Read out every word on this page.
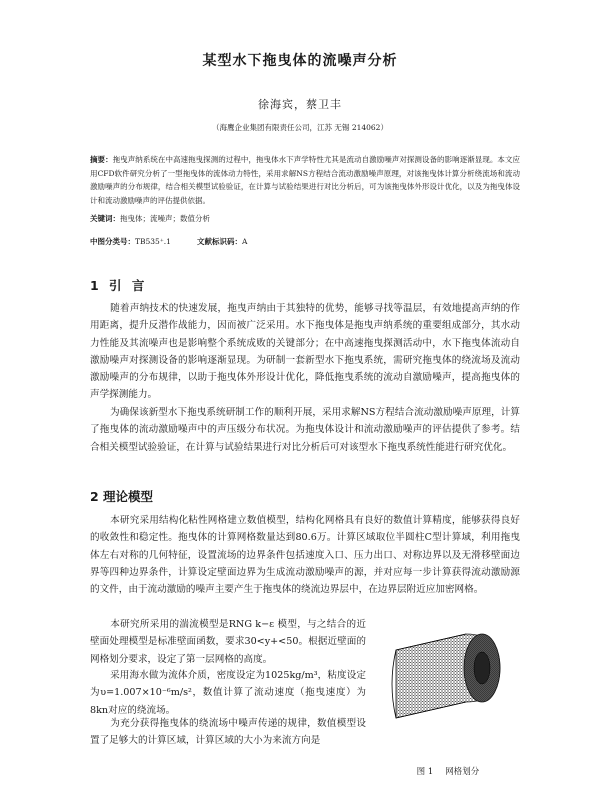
某型水下拖曳体的流噪声分析
徐海宾，蔡卫丰
（海鹰企业集团有限责任公司，江苏 无锡 214062）
摘要：拖曳声纳系统在中高速拖曳探测的过程中，拖曳体水下声学特性尤其是流动自激励噪声对探测设备的影响逐渐显现。本文应用CFD软件研究分析了一型拖曳体的流体动力特性，采用求解NS方程结合流动激励噪声原理，对该拖曳体计算分析绕流场和流动激励噪声的分布规律，结合相关模型试验验证，在计算与试验结果进行对比分析后，可为该拖曳体外形设计优化，以及为拖曳体设计和流动激励噪声的评估提供依据。
关键词：拖曳体；流噪声；数值分析
中图分类号：TB535⁺.1	文献标识码：A
1 引 言
随着声纳技术的快速发展，拖曳声纳由于其独特的优势，能够寻找等温层，有效地提高声纳的作用距离，提升反潜作战能力，因而被广泛采用。水下拖曳体是拖曳声纳系统的重要组成部分，其水动力性能及其流噪声也是影响整个系统成败的关键部分；在中高速拖曳探测活动中，水下拖曳体流动自激励噪声对探测设备的影响逐渐显现。为研制一套新型水下拖曳系统，需研究拖曳体的绕流场及流动激励噪声的分布规律，以助于拖曳体外形设计优化，降低拖曳系统的流动自激励噪声，提高拖曳体的声学探测能力。
为确保该新型水下拖曳系统研制工作的顺利开展，采用求解NS方程结合流动激励噪声原理，计算了拖曳体的流动激励噪声中的声压级分布状况。为拖曳体设计和流动激励噪声的评估提供了参考。结合相关模型试验验证，在计算与试验结果进行对比分析后可对该型水下拖曳系统性能进行研究优化。
2 理论模型
本研究采用结构化粘性网格建立数值模型，结构化网格具有良好的数值计算精度，能够获得良好的收敛性和稳定性。拖曳体的计算网格数量达到80.6万。计算区域取位半圆柱C型计算域，利用拖曳体左右对称的几何特征，设置流场的边界条件包括速度入口、压力出口、对称边界以及无滑移壁面边界等四种边界条件，计算设定壁面边界为生成流动激励噪声的源，并对应每一步计算获得流动激励源的文件，由于流动激励的噪声主要产生于拖曳体的绕流边界层中，在边界层附近应加密网格。
本研究所采用的湍流模型是RNG k−ε 模型，与之结合的近壁面处理模型是标准壁面函数，要求30<y+<50。根据近壁面的网格划分要求，设定了第一层网格的高度。
采用海水做为流体介质，密度设定为1025kg/m³，粘度设定为υ=1.007×10⁻⁶m/s²，数值计算了流动速度（拖曳速度）为8kn对应的绕流场。
为充分获得拖曳体的绕流场中噪声传递的规律，数值模型设置了足够大的计算区域，计算区域的大小为来流方向是
图 1 网格划分
